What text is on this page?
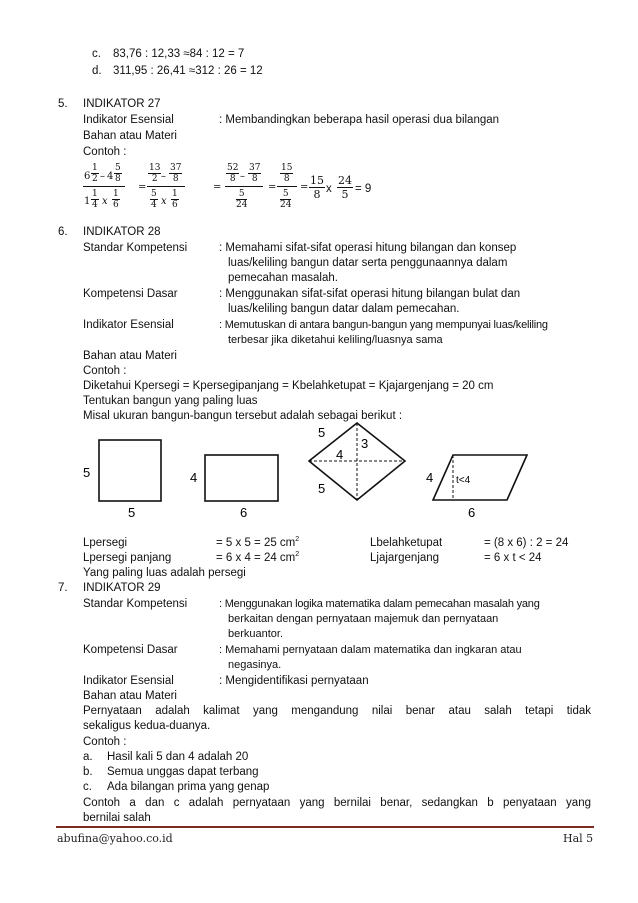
c. 83,76 : 12,33 ≈84 : 12 = 7
d. 311,95 : 26,41 ≈312 : 26 = 12
5. INDIKATOR 27
Indikator Esensial	: Membandingkan beberapa hasil operasi dua bilangan
Bahan atau Materi
Contoh :
$6 \frac{1}{2} - 4 \frac{5}{8}$
$1 \frac{1}{4}$ x $\frac{1}{6}$
=
$\frac{13}{2} - \frac{37}{8}$
$\frac{5}{4}$ x $\frac{1}{6}$
=
$\frac{52}{8} - \frac{37}{8}$
$\frac{5}{24}$
=
$\frac{15}{8}$
$\frac{5}{24}$
= $\frac{15}{8}$ x $\frac{24}{5} = 9$
6. INDIKATOR 28
Standar Kompetensi	: Memahami sifat-sifat operasi hitung bilangan dan konsep
luas/keliling bangun datar serta penggunaannya dalam
pemecahan masalah.
Kompetensi Dasar	: Menggunakan sifat-sifat operasi hitung bilangan bulat dan
luas/keliling bangun datar dalam pemecahan.
Indikator Esensial	: Memutuskan di antara bangun-bangun yang mempunyai luas/keliling
terbesar jika diketahui keliling/luasnya sama
Bahan atau Materi
Contoh :
Diketahui Kpersegi = Kpersegipanjang = Kbelahketupat = Kjajargenjang = 20 cm
Tentukan bangun yang paling luas
Misal ukuran bangun-bangun tersebut adalah sebagai berikut :
5
5
4
6
5
3
4
5
4 t<4
6
Lpersegi	= 5 x 5 = 25 $cm^2$	Lbelahketupat	= (8 x 6) : 2 = 24
Lpersegi panjang	= 6 x 4 = 24 $cm^2$	Ljajargenjang	= 6 x t < 24
Yang paling luas adalah persegi
7. INDIKATOR 29
Standar Kompetensi	: Menggunakan logika matematika dalam pemecahan masalah yang
berkaitan dengan pernyataan majemuk dan pernyataan
berkuantor.
Kompetensi Dasar	: Memahami pernyataan dalam matematika dan ingkaran atau
negasinya.
Indikator Esensial	: Mengidentifikasi pernyataan
Bahan atau Materi
Pernyataan adalah kalimat yang mengandung nilai benar atau salah tetapi tidak
sekaligus kedua-duanya.
Contoh :
a. Hasil kali 5 dan 4 adalah 20
b. Semua unggas dapat terbang
c. Ada bilangan prima yang genap
Contoh a dan c adalah pernyataan yang bernilai benar, sedangkan b penyataan yang
bernilai salah
abufina@yahoo.co.id	Hal 5
